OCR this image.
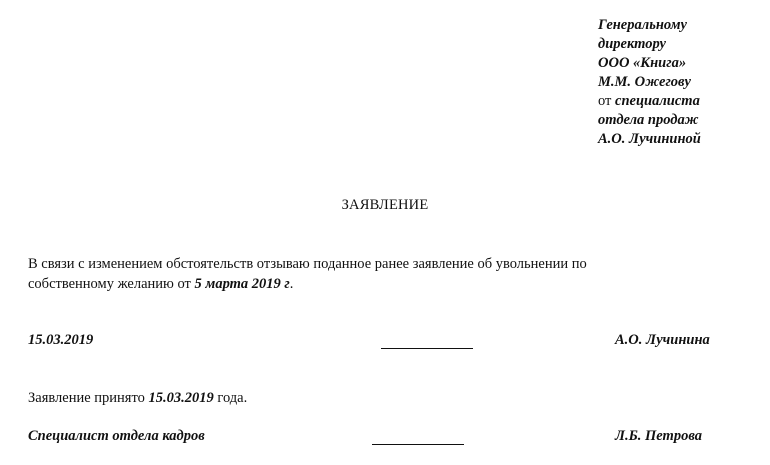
Генеральному
директору
ООО «Книга»
М.М. Ожегову
от специалиста
отдела продаж
А.О. Лучининой
ЗАЯВЛЕНИЕ
В связи с изменением обстоятельств отзываю поданное ранее заявление об увольнении по
собственному желанию от 5 марта 2019 г.
15.03.2019	А.О. Лучинина
Заявление принято 15.03.2019 года.
Специалист отдела кадров	Л.Б. Петрова
